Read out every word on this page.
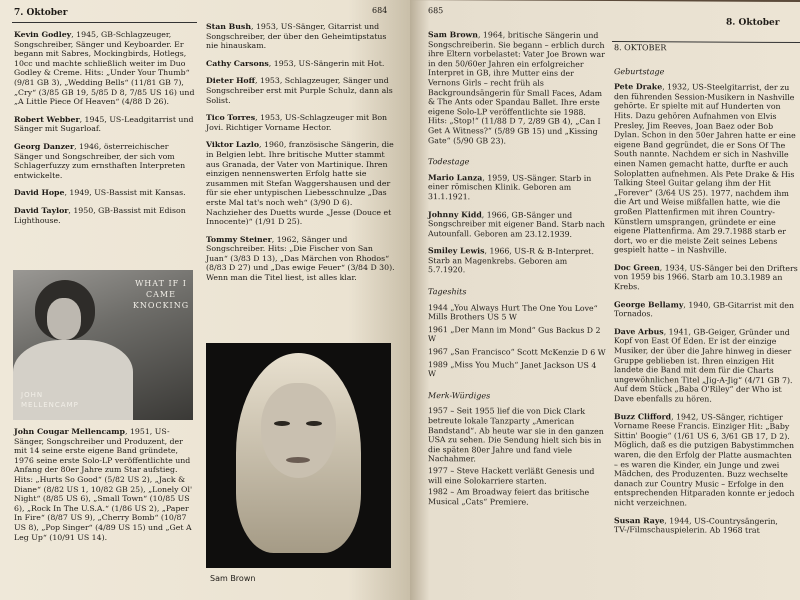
7. Oktober	684

Kevin Godley, 1945, GB-Schlagzeuger, Songschreiber, Sänger und Keyboarder. Er begann mit Sabres, Mockingbirds, Hotlegs, 10cc und machte schließlich weiter im Duo Godley & Creme. Hits: „Under Your Thumb“ (9/81 GB 3), „Wedding Bells“ (11/81 GB 7), „Cry“ (3/85 GB 19, 5/85 D 8, 7/85 US 16) und „A Little Piece Of Heaven“ (4/88 D 26).

Robert Webber, 1945, US-Leadgitarrist und Sänger mit Sugarloaf.

Georg Danzer, 1946, österreichischer Sänger und Songschreiber, der sich vom Schlagerfuzzy zum ernsthaften Interpreten entwickelte.

David Hope, 1949, US-Bassist mit Kansas.

David Taylor, 1950, GB-Bassist mit Edison Lighthouse.

WHAT IF I CAME KNOCKING
JOHN MELLENCAMP

John Cougar Mellencamp, 1951, US-Sänger, Songschreiber und Produzent, der mit 14 seine erste eigene Band gründete, 1976 seine erste Solo-LP veröffentlichte und Anfang der 80er Jahre zum Star aufstieg. Hits: „Hurts So Good“ (5/82 US 2), „Jack & Diane“ (8/82 US 1, 10/82 GB 25), „Lonely Ol' Night“ (8/85 US 6), „Small Town“ (10/85 US 6), „Rock In The U.S.A.“ (1/86 US 2), „Paper In Fire“ (8/87 US 9), „Cherry Bomb“ (10/87 US 8), „Pop Singer“ (4/89 US 15) und „Get A Leg Up“ (10/91 US 14).

Stan Bush, 1953, US-Sänger, Gitarrist und Songschreiber, der über den Geheimtipstatus nie hinauskam.

Cathy Carsons, 1953, US-Sängerin mit Hot.

Dieter Hoff, 1953, Schlagzeuger, Sänger und Songschreiber erst mit Purple Schulz, dann als Solist.

Tico Torres, 1953, US-Schlagzeuger mit Bon Jovi. Richtiger Vorname Hector.

Viktor Lazlo, 1960, französische Sängerin, die in Belgien lebt. Ihre britische Mutter stammt aus Granada, der Vater von Martinique. Ihren einzigen nennenswerten Erfolg hatte sie zusammen mit Stefan Waggershausen und der für sie eher untypischen Liebesschnulze „Das erste Mal tat's noch weh“ (3/90 D 6). Nachzieher des Duetts wurde „Jesse (Douce et Innocente)“ (1/91 D 25).

Tommy Steiner, 1962, Sänger und Songschreiber. Hits: „Die Fischer von San Juan“ (3/83 D 13), „Das Märchen von Rhodos“ (8/83 D 27) und „Das ewige Feuer“ (3/84 D 30). Wenn man die Titel liest, ist alles klar.

Sam Brown
685
8. Oktober

Sam Brown, 1964, britische Sängerin und Songschreiberin. Sie begann – erblich durch ihre Eltern vorbelastet: Vater Joe Brown war in den 50/60er Jahren ein erfolgreicher Interpret in GB, ihre Mutter eins der Vernons Girls – recht früh als Backgroundsängerin für Small Faces, Adam & The Ants oder Spandau Ballet. Ihre erste eigene Solo-LP veröffentlichte sie 1988. Hits: „Stop!“ (11/88 D 7, 2/89 GB 4), „Can I Get A Witness?“ (5/89 GB 15) und „Kissing Gate“ (5/90 GB 23).

Todestage

Mario Lanza, 1959, US-Sänger. Starb in einer römischen Klinik. Geboren am 31.1.1921.

Johnny Kidd, 1966, GB-Sänger und Songschreiber mit eigener Band. Starb nach Autounfall. Geboren am 23.12.1939.

Smiley Lewis, 1966, US-R & B-Interpret. Starb an Magenkrebs. Geboren am 5.7.1920.

Tageshits

1944 „You Always Hurt The One You Love“ Mills Brothers US 5 W

1961 „Der Mann im Mond“ Gus Backus D 2 W

1967 „San Francisco“ Scott McKenzie D 6 W

1989 „Miss You Much“ Janet Jackson US 4 W

Merk-Würdiges

1957 – Seit 1955 lief die von Dick Clark betreute lokale Tanzparty „American Bandstand“. Ab heute war sie in den ganzen USA zu sehen. Die Sendung hielt sich bis in die späten 80er Jahre und fand viele Nachahmer.

1977 – Steve Hackett verläßt Genesis und will eine Solokarriere starten.

1982 – Am Broadway feiert das britische Musical „Cats“ Premiere.

8. OKTOBER
Geburtstage

Pete Drake, 1932, US-Steelgitarrist, der zu den führenden Session-Musikern in Nashville gehörte. Er spielte mit auf Hunderten von Hits. Dazu gehören Aufnahmen von Elvis Presley, Jim Reeves, Joan Baez oder Bob Dylan. Schon in den 50er Jahren hatte er eine eigene Band gegründet, die er Sons Of The South nannte. Nachdem er sich in Nashville einen Namen gemacht hatte, durfte er auch Soloplatten aufnehmen. Als Pete Drake & His Talking Steel Guitar gelang ihm der Hit „Forever“ (3/64 US 25). 1977, nachdem ihm die Art und Weise mißfallen hatte, wie die großen Plattenfirmen mit ihren Country-Künstlern umsprangen, gründete er eine eigene Plattenfirma. Am 29.7.1988 starb er dort, wo er die meiste Zeit seines Lebens gespielt hatte – in Nashville.

Doc Green, 1934, US-Sänger bei den Drifters von 1959 bis 1966. Starb am 10.3.1989 an Krebs.

George Bellamy, 1940, GB-Gitarrist mit den Tornados.

Dave Arbus, 1941, GB-Geiger, Gründer und Kopf von East Of Eden. Er ist der einzige Musiker, der über die Jahre hinweg in dieser Gruppe geblieben ist. Ihren einzigen Hit landete die Band mit dem für die Charts ungewöhnlichen Titel „Jig-A-Jig“ (4/71 GB 7). Auf dem Stück „Baba O'Riley“ der Who ist Dave ebenfalls zu hören.

Buzz Clifford, 1942, US-Sänger, richtiger Vorname Reese Francis. Einziger Hit: „Baby Sittin' Boogie“ (1/61 US 6, 3/61 GB 17, D 2). Möglich, daß es die putzigen Babystimmchen waren, die den Erfolg der Platte ausmachten – es waren die Kinder, ein Junge und zwei Mädchen, des Produzenten. Buzz wechselte danach zur Country Music – Erfolge in den entsprechenden Hitparaden konnte er jedoch nicht verzeichnen.

Susan Raye, 1944, US-Countrysängerin, TV-/Filmschauspielerin. Ab 1968 trat
